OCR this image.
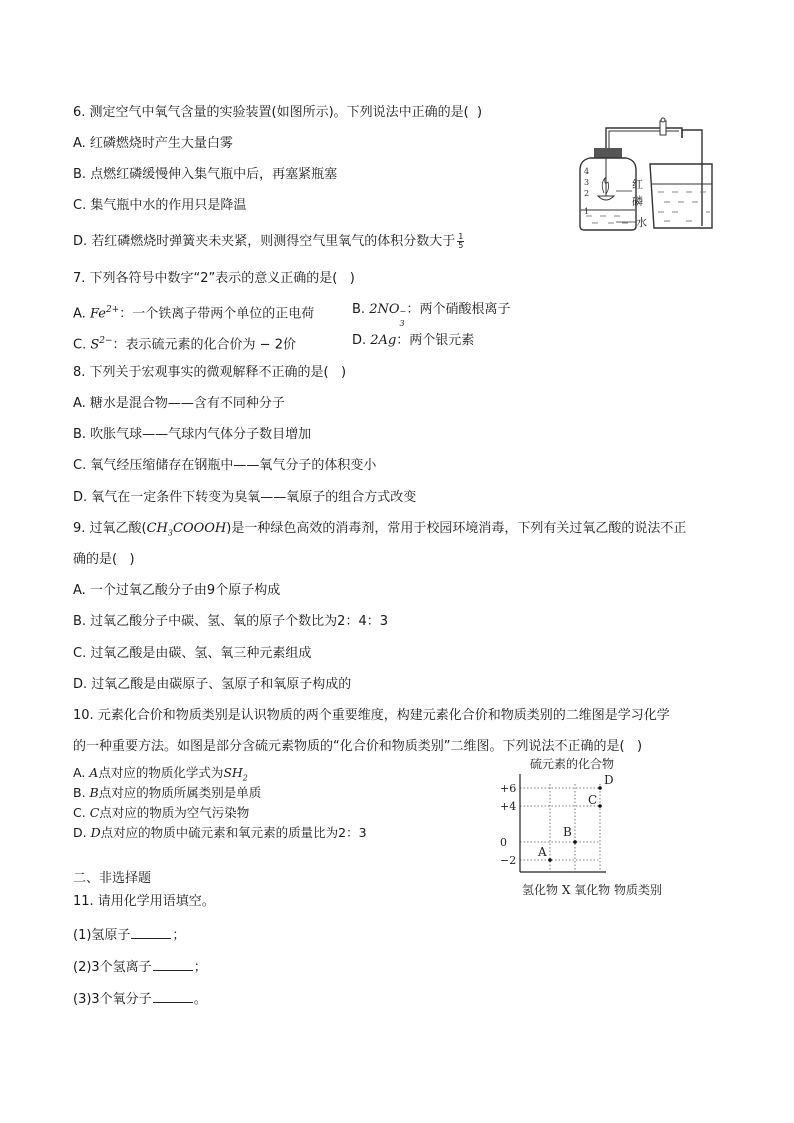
6. 测定空气中氧气含量的实验装置(如图所示)。下列说法中正确的是(  )
A. 红磷燃烧时产生大量白雾
B. 点燃红磷缓慢伸入集气瓶中后，再塞紧瓶塞
C. 集气瓶中水的作用只是降温
D. 若红磷燃烧时弹簧夹未夹紧，则测得空气里氧气的体积分数大于 $\frac{1}{5}$
4
3
2
1
红
磷
水
7. 下列各符号中数字“2”表示的意义正确的是(   )
A. $Fe^{2+}$：一个铁离子带两个单位的正电荷	B. 2NO −
3
：两个硝酸根离子
C. $S^{2-}$：表示硫元素的化合价为 − 2价	D. 2Ag：两个银元素
8. 下列关于宏观事实的微观解释不正确的是(   )
A. 糖水是混合物——含有不同种分子
B. 吹胀气球——气球内气体分子数目增加
C. 氧气经压缩储存在钢瓶中——氧气分子的体积变小
D. 氧气在一定条件下转变为臭氧——氧原子的组合方式改变
9. 过氧乙酸$(CH_3COOOH)$是一种绿色高效的消毒剂，常用于校园环境消毒，下列有关过氧乙酸的说法不正
确的是(   )
A. 一个过氧乙酸分子由9个原子构成
B. 过氧乙酸分子中碳、氢、氧的原子个数比为2：4：3
C. 过氧乙酸是由碳、氢、氧三种元素组成
D. 过氧乙酸是由碳原子、氢原子和氧原子构成的
10. 元素化合价和物质类别是认识物质的两个重要维度，构建元素化合价和物质类别的二维图是学习化学
的一种重要方法。如图是部分含硫元素物质的“化合价和物质类别”二维图。下列说法不正确的是(   )
A. A点对应的物质化学式为$SH_2$
B. B点对应的物质所属类别是单质
C. C点对应的物质为空气污染物
D. D点对应的物质中硫元素和氧元素的质量比为2：3
硫元素的化合物
+6
+4
0
−2
A
B
C
D
氢化物 X 氧化物 物质类别
二、非选择题
11. 请用化学用语填空。
(1)氢原子	；
(2)3个氢离子	；
(3)3个氧分子	。
